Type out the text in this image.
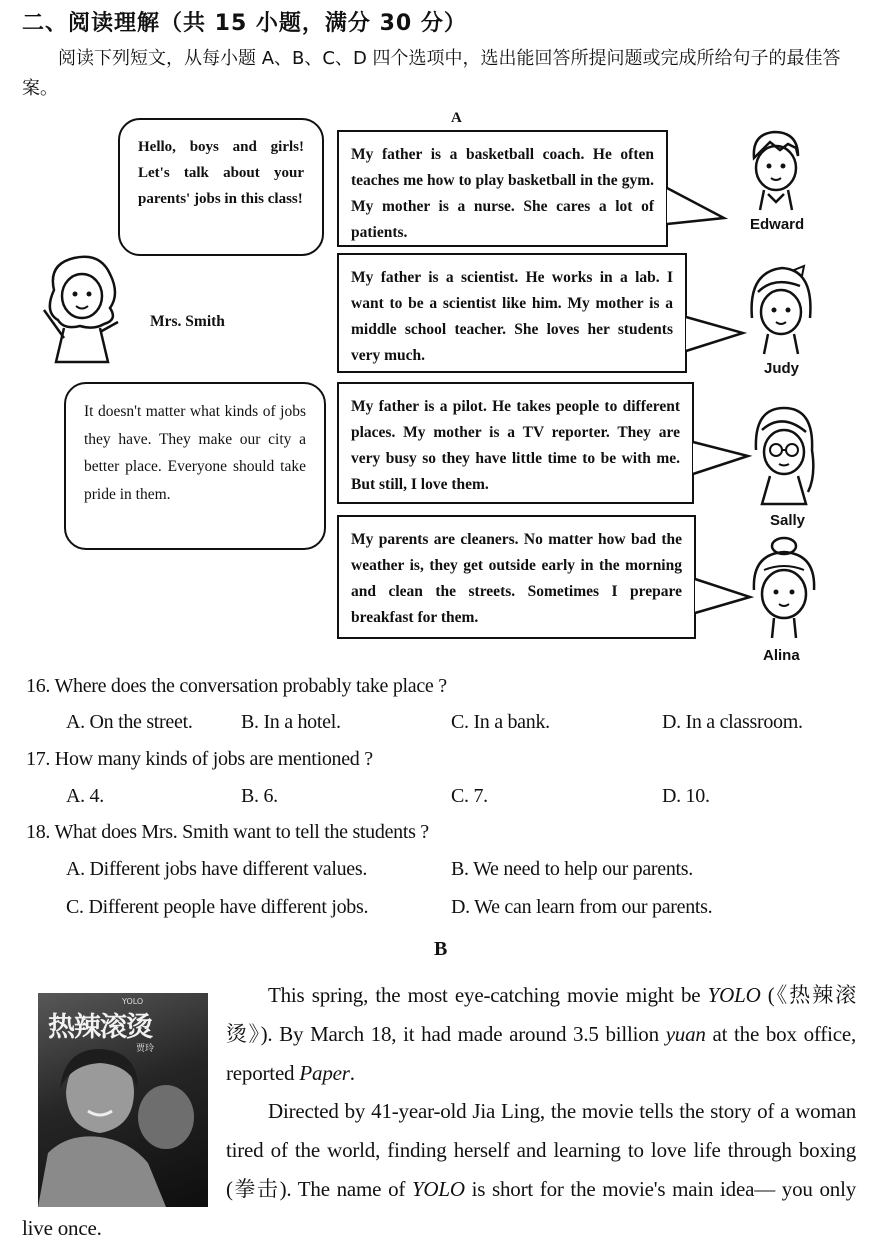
二、阅读理解（共 15 小题，满分 30 分）
阅读下列短文，从每小题 A、B、C、D 四个选项中，选出能回答所提问题或完成所给句子的最佳答案。
A
Hello, boys and girls! Let's talk about your parents' jobs in this class!
It doesn't matter what kinds of jobs they have. They make our city a better place. Everyone should take pride in them.
Mrs. Smith
My father is a basketball coach. He often teaches me how to play basketball in the gym. My mother is a nurse. She cares a lot of patients.
My father is a scientist. He works in a lab. I want to be a scientist like him. My mother is a middle school teacher. She loves her students very much.
My father is a pilot. He takes people to different places. My mother is a TV reporter. They are very busy so they have little time to be with me. But still, I love them.
My parents are cleaners. No matter how bad the weather is, they get outside early in the morning and clean the streets. Sometimes I prepare breakfast for them.
Edward
Judy
Sally
Alina
16. Where does the conversation probably take place ?
A. On the street. B. In a hotel.	C. In a bank.	D. In a classroom.
17. How many kinds of jobs are mentioned ?
A. 4.	B. 6.	C. 7.	D. 10.
18. What does Mrs. Smith want to tell the students ?
A. Different jobs have different values.	B. We need to help our parents.
C. Different people have different jobs.	D. We can learn from our parents.
B
YOLO
热辣滚烫
贾玲
This spring, the most eye-catching movie might be YOLO (《热辣滚烫》). By March 18, it had made around 3.5 billion yuan at the box office, reported Paper.
Directed by 41-year-old Jia Ling, the movie tells the story of a woman tired of the world, finding herself and learning to love life through boxing (拳击). The name of YOLO is short for the movie's main idea— you only live once.
